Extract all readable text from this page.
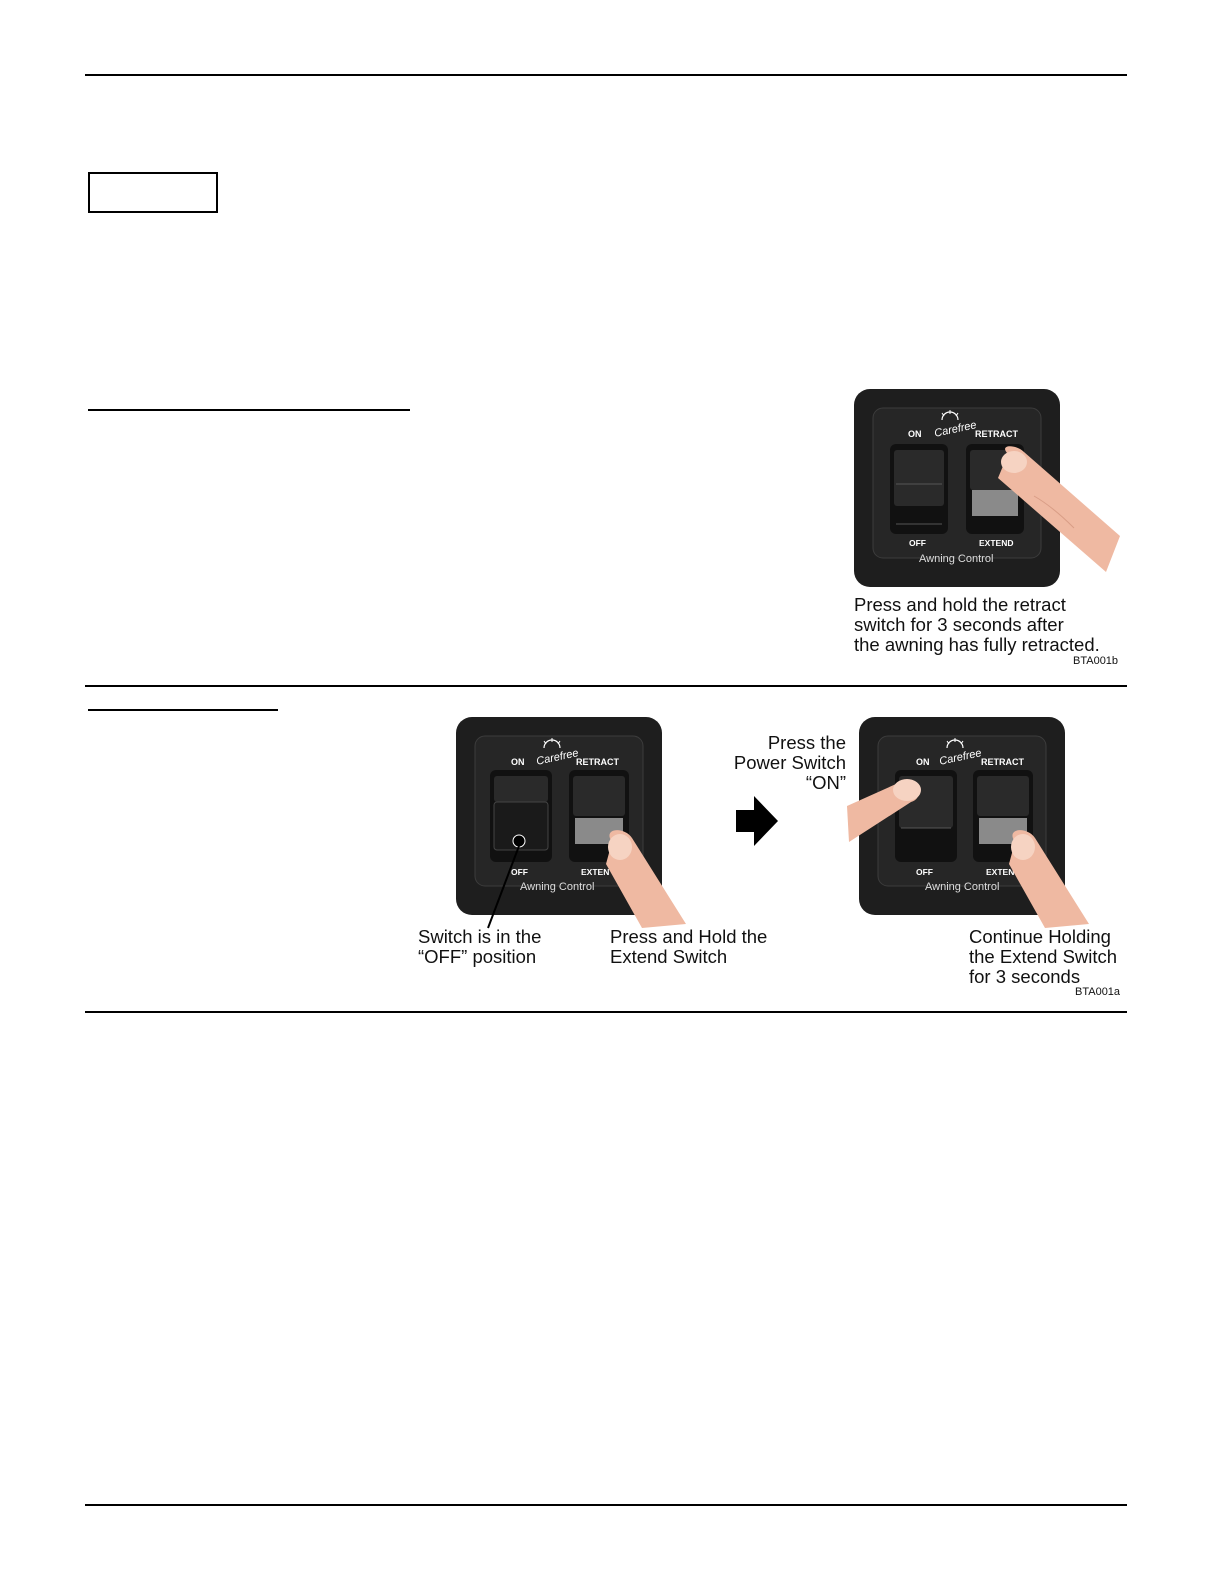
ON Carefree
RETRACT
OFF	EXTEND
Awning Control
Press and hold the retract
switch for 3 seconds after
the awning has fully retracted.
BTA001b
ON Carefree
RETRACT
OFF	EXTEN
Awning Control
ON Carefree
RETRACT
OFF	EXTEN
Awning Control
Switch is in the
“OFF” position
Press and Hold the
Extend Switch
Press the
Power Switch
“ON”
Continue Holding
the Extend Switch
for 3 seconds
BTA001a
